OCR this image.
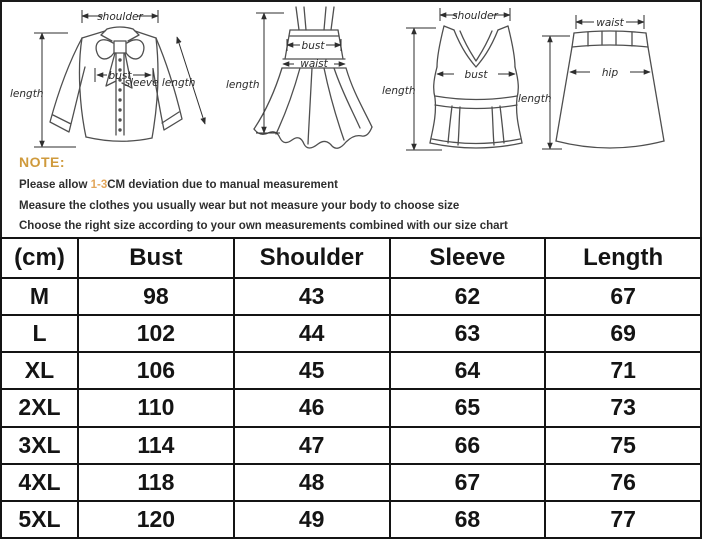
shoulder
length
bust
sleeve length	length
bust
waist
shoulder
length
bust
waist
length
hip
NOTE:

Please allow 1-3CM deviation due to manual measurement

Measure the clothes you usually wear but not measure your body to choose size

Choose the right size according to your own measurements combined with our size chart

(cm)	Bust	Shoulder	Sleeve	Length
M	98	43	62	67
L	102	44	63	69
XL	106	45	64	71
2XL	110	46	65	73
3XL	114	47	66	75
4XL	118	48	67	76
5XL	120	49	68	77
